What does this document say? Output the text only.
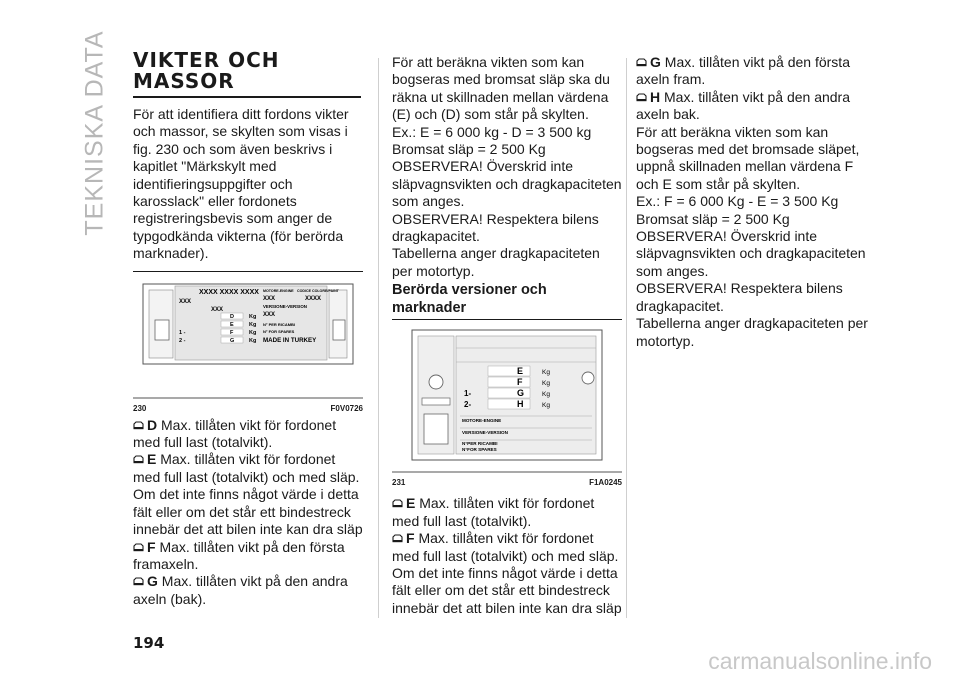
TEKNISKA DATA VIKTER OCH MASSOR

För att identifiera ditt fordons vikter och massor, se skylten som visas i fig. 230 och som även beskrivs i kapitlet "Märkskylt med identifieringsuppgifter och karosslack" eller fordonets registreringsbevis som anger de typgodkända vikterna (för berörda marknader).

XXXX XXXX XXXX
XXX
XXX
D
E
F
G
Kg
Kg
Kg
Kg
1 -
2 -
MOTORE-ENGINE CODICE COLORE/PAINT
XXX	XXXX
VERSIONE-VERSION
XXX
N° PER RICAMBI
N° FOR SPARES
MADE IN TURKEY
230	F0V0726

D Max. tillåten vikt för fordonet med full last (totalvikt).

E Max. tillåten vikt för fordonet med full last (totalvikt) och med släp. Om det inte finns något värde i detta fält eller om det står ett bindestreck innebär det att bilen inte kan dra släp

F Max. tillåten vikt på den första framaxeln.

G Max. tillåten vikt på den andra axeln (bak).

För att beräkna vikten som kan bogseras med bromsat släp ska du räkna ut skillnaden mellan värdena (E) och (D) som står på skylten.

Ex.: E = 6 000 kg - D = 3 500 kg

Bromsat släp = 2 500 Kg

OBSERVERA! Överskrid inte släpvagnsvikten och dragkapaciteten som anges.

OBSERVERA! Respektera bilens dragkapacitet.

Tabellerna anger dragkapaciteten per motortyp.

Berörda versioner och marknader
E
F
G
H
1-
2-
Kg
Kg
Kg
Kg
MOTORE-ENGINE
VERSIONE-VERSION
N°PER RICAMBI
N°FOR SPARES
231	F1A0245

E Max. tillåten vikt för fordonet med full last (totalvikt).

F Max. tillåten vikt för fordonet med full last (totalvikt) och med släp. Om det inte finns något värde i detta fält eller om det står ett bindestreck innebär det att bilen inte kan dra släp

G Max. tillåten vikt på den första axeln fram.

H Max. tillåten vikt på den andra axeln bak.

För att beräkna vikten som kan bogseras med det bromsade släpet, uppnå skillnaden mellan värdena F och E som står på skylten.

Ex.: F = 6 000 Kg - E = 3 500 Kg

Bromsat släp = 2 500 Kg

OBSERVERA! Överskrid inte släpvagnsvikten och dragkapaciteten som anges.

OBSERVERA! Respektera bilens dragkapacitet.

Tabellerna anger dragkapaciteten per motortyp.

194
carmanualsonline.info
